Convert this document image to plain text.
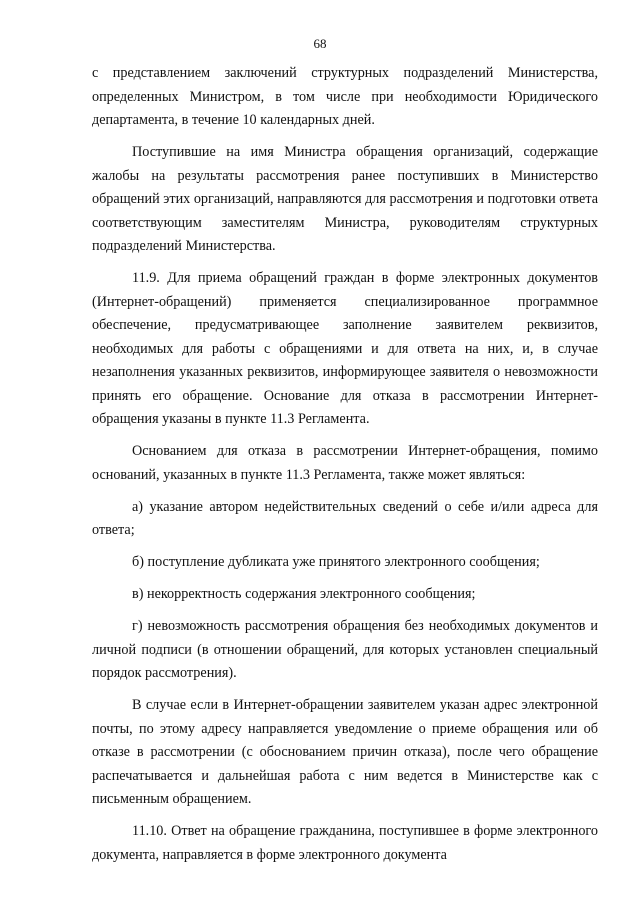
68

с представлением заключений структурных подразделений Министерства, определенных Министром, в том числе при необходимости Юридического департамента, в течение 10 календарных дней.

Поступившие на имя Министра обращения организаций, содержащие жалобы на результаты рассмотрения ранее поступивших в Министерство обращений этих организаций, направляются для рассмотрения и подготовки ответа соответствующим заместителям Министра, руководителям структурных подразделений Министерства.

11.9. Для приема обращений граждан в форме электронных документов (Интернет-обращений) применяется специализированное программное обеспечение, предусматривающее заполнение заявителем реквизитов, необходимых для работы с обращениями и для ответа на них, и, в случае незаполнения указанных реквизитов, информирующее заявителя о невозможности принять его обращение. Основание для отказа в рассмотрении Интернет-обращения указаны в пункте 11.3 Регламента.

Основанием для отказа в рассмотрении Интернет-обращения, помимо оснований, указанных в пункте 11.3 Регламента, также может являться:

а) указание автором недействительных сведений о себе и/или адреса для ответа;

б) поступление дубликата уже принятого электронного сообщения;

в) некорректность содержания электронного сообщения;

г) невозможность рассмотрения обращения без необходимых документов и личной подписи (в отношении обращений, для которых установлен специальный порядок рассмотрения).

В случае если в Интернет-обращении заявителем указан адрес электронной почты, по этому адресу направляется уведомление о приеме обращения или об отказе в рассмотрении (с обоснованием причин отказа), после чего обращение распечатывается и дальнейшая работа с ним ведется в Министерстве как с письменным обращением.

11.10. Ответ на обращение гражданина, поступившее в форме электронного документа, направляется в форме электронного документа
